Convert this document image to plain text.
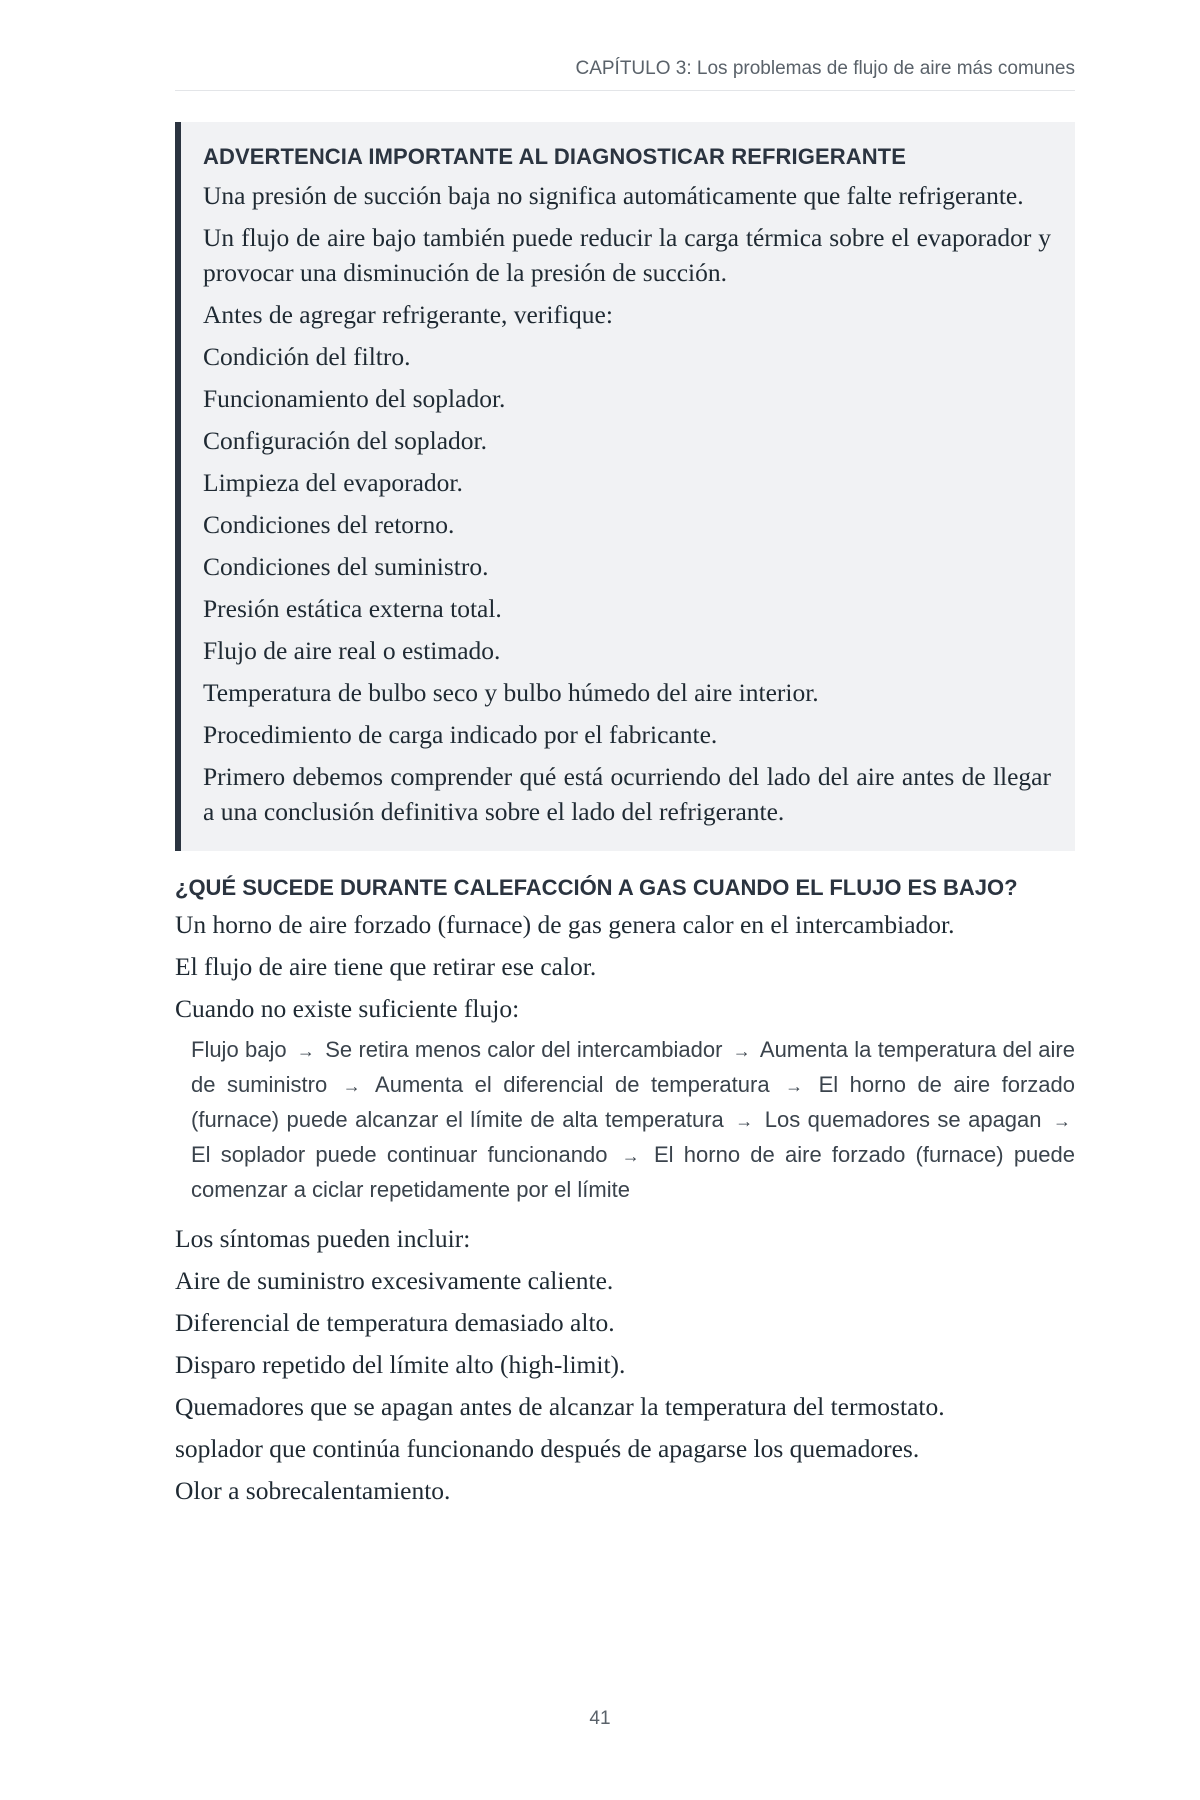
CAPÍTULO 3: Los problemas de flujo de aire más comunes
ADVERTENCIA IMPORTANTE AL DIAGNOSTICAR REFRIGERANTE

Una presión de succión baja no significa automáticamente que falte refrigerante.

Un flujo de aire bajo también puede reducir la carga térmica sobre el evaporador y provocar una disminución de la presión de succión.

Antes de agregar refrigerante, verifique:

Condición del filtro.

Funcionamiento del soplador.

Configuración del soplador.

Limpieza del evaporador.

Condiciones del retorno.

Condiciones del suministro.

Presión estática externa total.

Flujo de aire real o estimado.

Temperatura de bulbo seco y bulbo húmedo del aire interior.

Procedimiento de carga indicado por el fabricante.

Primero debemos comprender qué está ocurriendo del lado del aire antes de llegar a una conclusión definitiva sobre el lado del refrigerante.

¿QUÉ SUCEDE DURANTE CALEFACCIÓN A GAS CUANDO EL FLUJO ES BAJO?

Un horno de aire forzado (furnace) de gas genera calor en el intercambiador.

El flujo de aire tiene que retirar ese calor.

Cuando no existe suficiente flujo:

Flujo bajo → Se retira menos calor del intercambiador → Aumenta la temperatura del aire de suministro → Aumenta el diferencial de temperatura → El horno de aire forzado (furnace) puede alcanzar el límite de alta temperatura → Los quemadores se apagan → El soplador puede continuar funcionando → El horno de aire forzado (furnace) puede comenzar a ciclar repetidamente por el límite

Los síntomas pueden incluir:

Aire de suministro excesivamente caliente.

Diferencial de temperatura demasiado alto.

Disparo repetido del límite alto (high-limit).

Quemadores que se apagan antes de alcanzar la temperatura del termostato.

soplador que continúa funcionando después de apagarse los quemadores.

Olor a sobrecalentamiento.

41
